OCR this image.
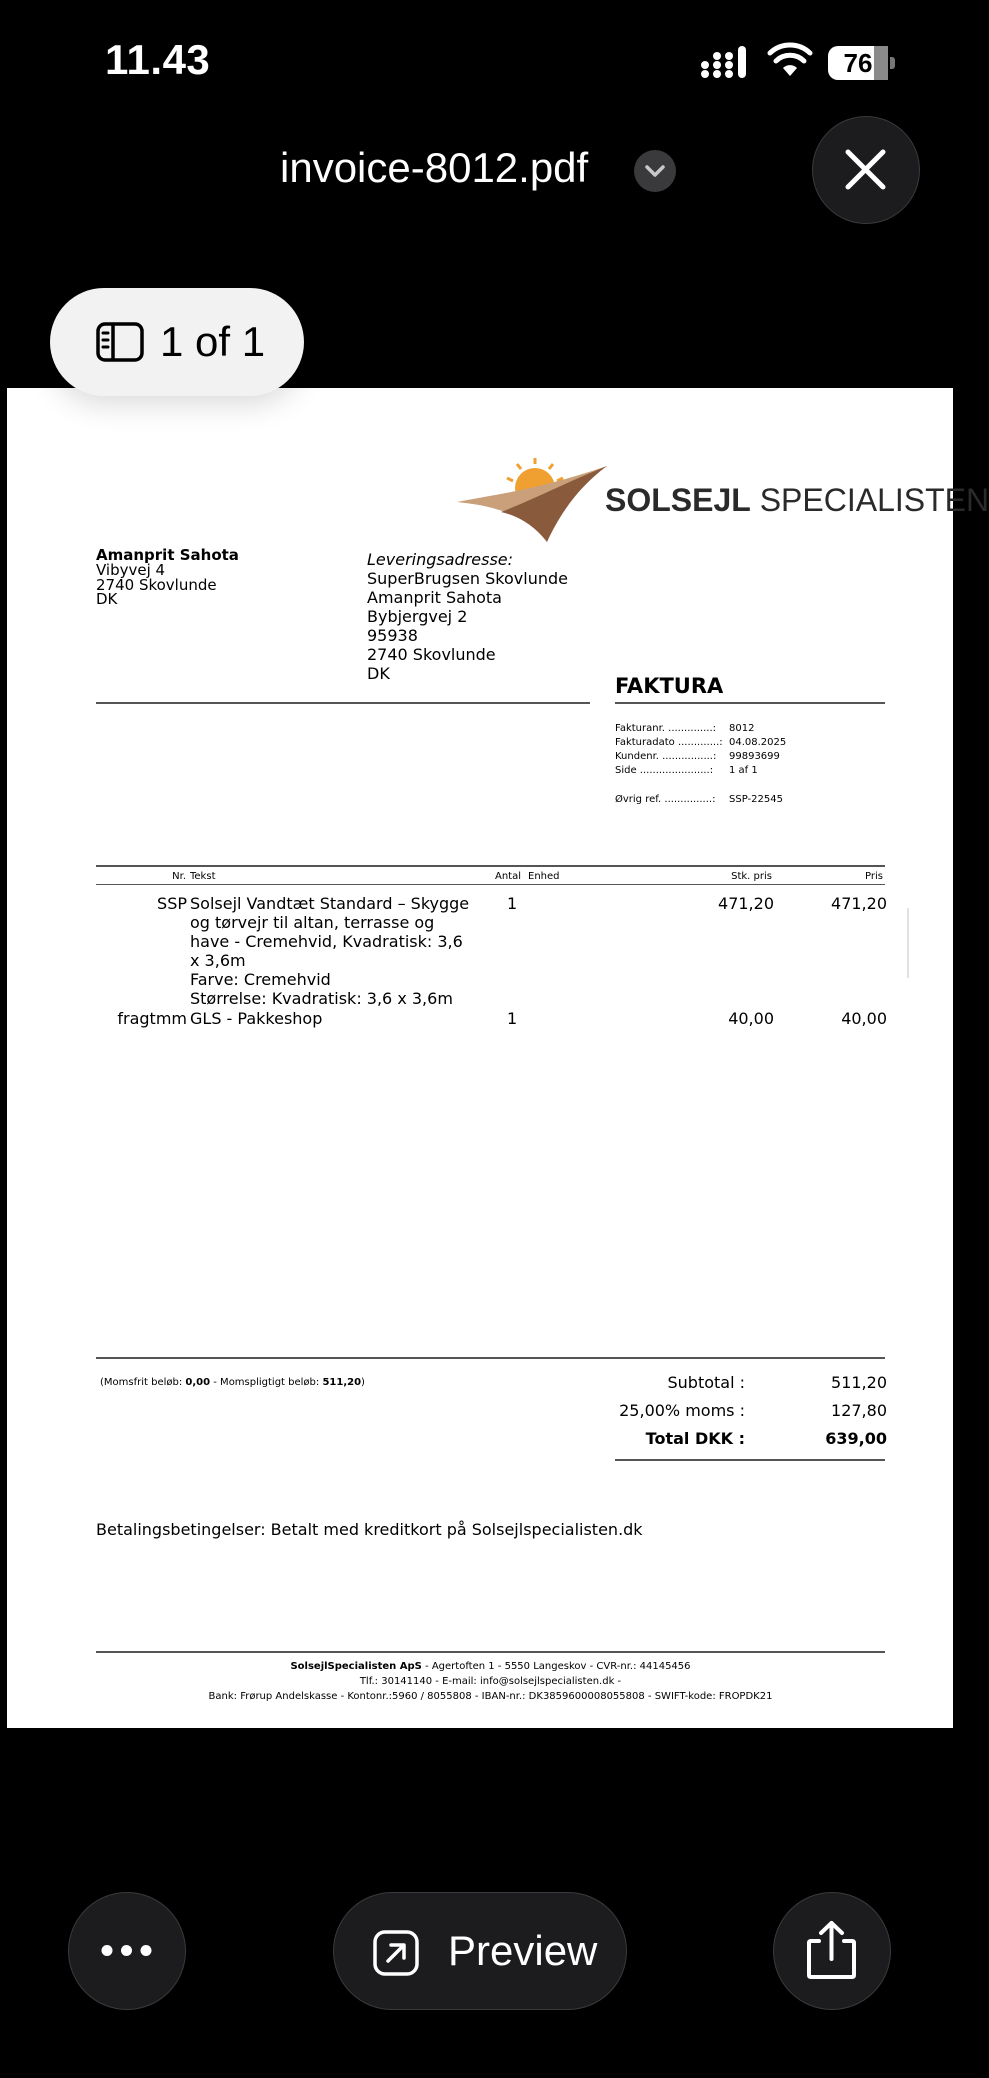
11.43	76
invoice-8012.pdf
SOLSEJL SPECIALISTEN
Amanprit Sahota
Vibyvej 4
2740 Skovlunde
DK
Leveringsadresse:
SuperBrugsen Skovlunde
Amanprit Sahota
Bybjergvej 2
95938
2740 Skovlunde
DK
FAKTURA
Fakturanr. ..............: 8012
Fakturadato .............: 04.08.2025
Kundenr. ................: 99893699
Side ......................: 1 af 1
Øvrig ref. ...............: SSP-22545
Nr. Tekst	Antal Enhed	Stk. pris	Pris
SSP Solsejl Vandtæt Standard – Skygge
og tørvejr til altan, terrasse og
have - Cremehvid, Kvadratisk: 3,6
x 3,6m
Farve: Cremehvid
Størrelse: Kvadratisk: 3,6 x 3,6m
1	471,20	471,20
fragtmm GLS - Pakkeshop	1	40,00	40,00
(Momsfrit beløb: 0,00 - Momspligtigt beløb: 511,20)	Subtotal :	511,20
25,00% moms :	127,80
Total DKK :	639,00
Betalingsbetingelser: Betalt med kreditkort på Solsejlspecialisten.dk
SolsejlSpecialisten ApS - Agertoften 1 - 5550 Langeskov - CVR-nr.: 44145456
Tlf.: 30141140 - E-mail: info@solsejlspecialisten.dk -
Bank: Frørup Andelskasse - Kontonr.:5960 / 8055808 - IBAN-nr.: DK3859600008055808 - SWIFT-kode: FROPDK21
1 of 1
Preview
